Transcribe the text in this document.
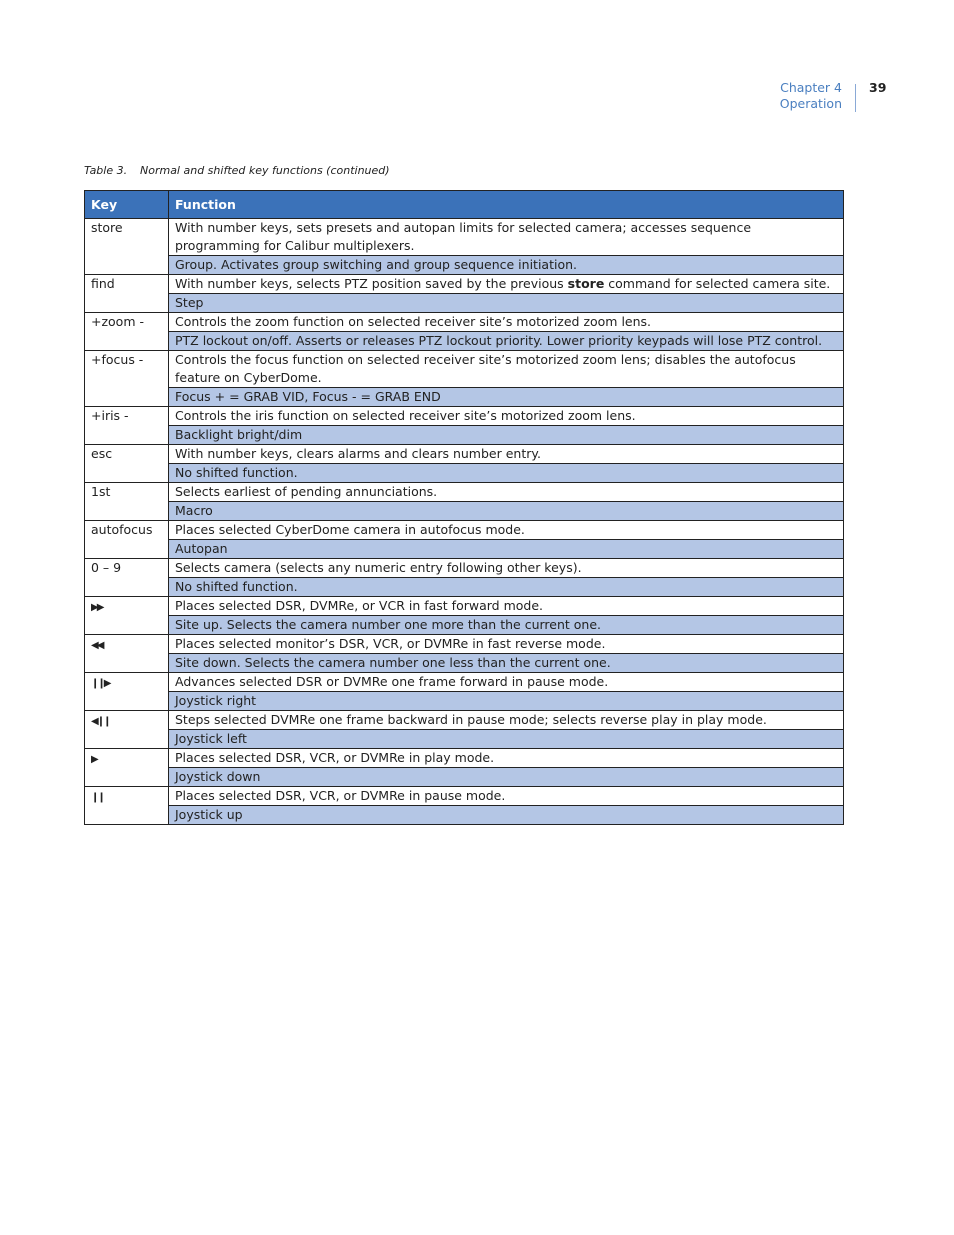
Chapter 4
Operation
39
Table 3. Normal and shifted key functions (continued)
Key	Function
store	With number keys, sets presets and autopan limits for selected camera; accesses sequence programming for Calibur multiplexers.
	Group. Activates group switching and group sequence initiation.
find	With number keys, selects PTZ position saved by the previous store command for selected camera site.
	Step
+zoom -	Controls the zoom function on selected receiver site’s motorized zoom lens.
	PTZ lockout on/off. Asserts or releases PTZ lockout priority. Lower priority keypads will lose PTZ control.
+focus -	Controls the focus function on selected receiver site’s motorized zoom lens; disables the autofocus feature on CyberDome.
	Focus + = GRAB VID, Focus - = GRAB END
+iris -	Controls the iris function on selected receiver site’s motorized zoom lens.
	Backlight bright/dim
esc	With number keys, clears alarms and clears number entry.
	No shifted function.
1st	Selects earliest of pending annunciations.
	Macro
autofocus	Places selected CyberDome camera in autofocus mode.
	Autopan
0 – 9	Selects camera (selects any numeric entry following other keys).
	No shifted function.
▶▶	Places selected DSR, DVMRe, or VCR in fast forward mode.
	Site up. Selects the camera number one more than the current one.
◀◀	Places selected monitor’s DSR, VCR, or DVMRe in fast reverse mode.
	Site down. Selects the camera number one less than the current one.
❙❙▶	Advances selected DSR or DVMRe one frame forward in pause mode.
	Joystick right
◀❙❙	Steps selected DVMRe one frame backward in pause mode; selects reverse play in play mode.
	Joystick left
▶	Places selected DSR, VCR, or DVMRe in play mode.
	Joystick down
❙❙	Places selected DSR, VCR, or DVMRe in pause mode.
	Joystick up
